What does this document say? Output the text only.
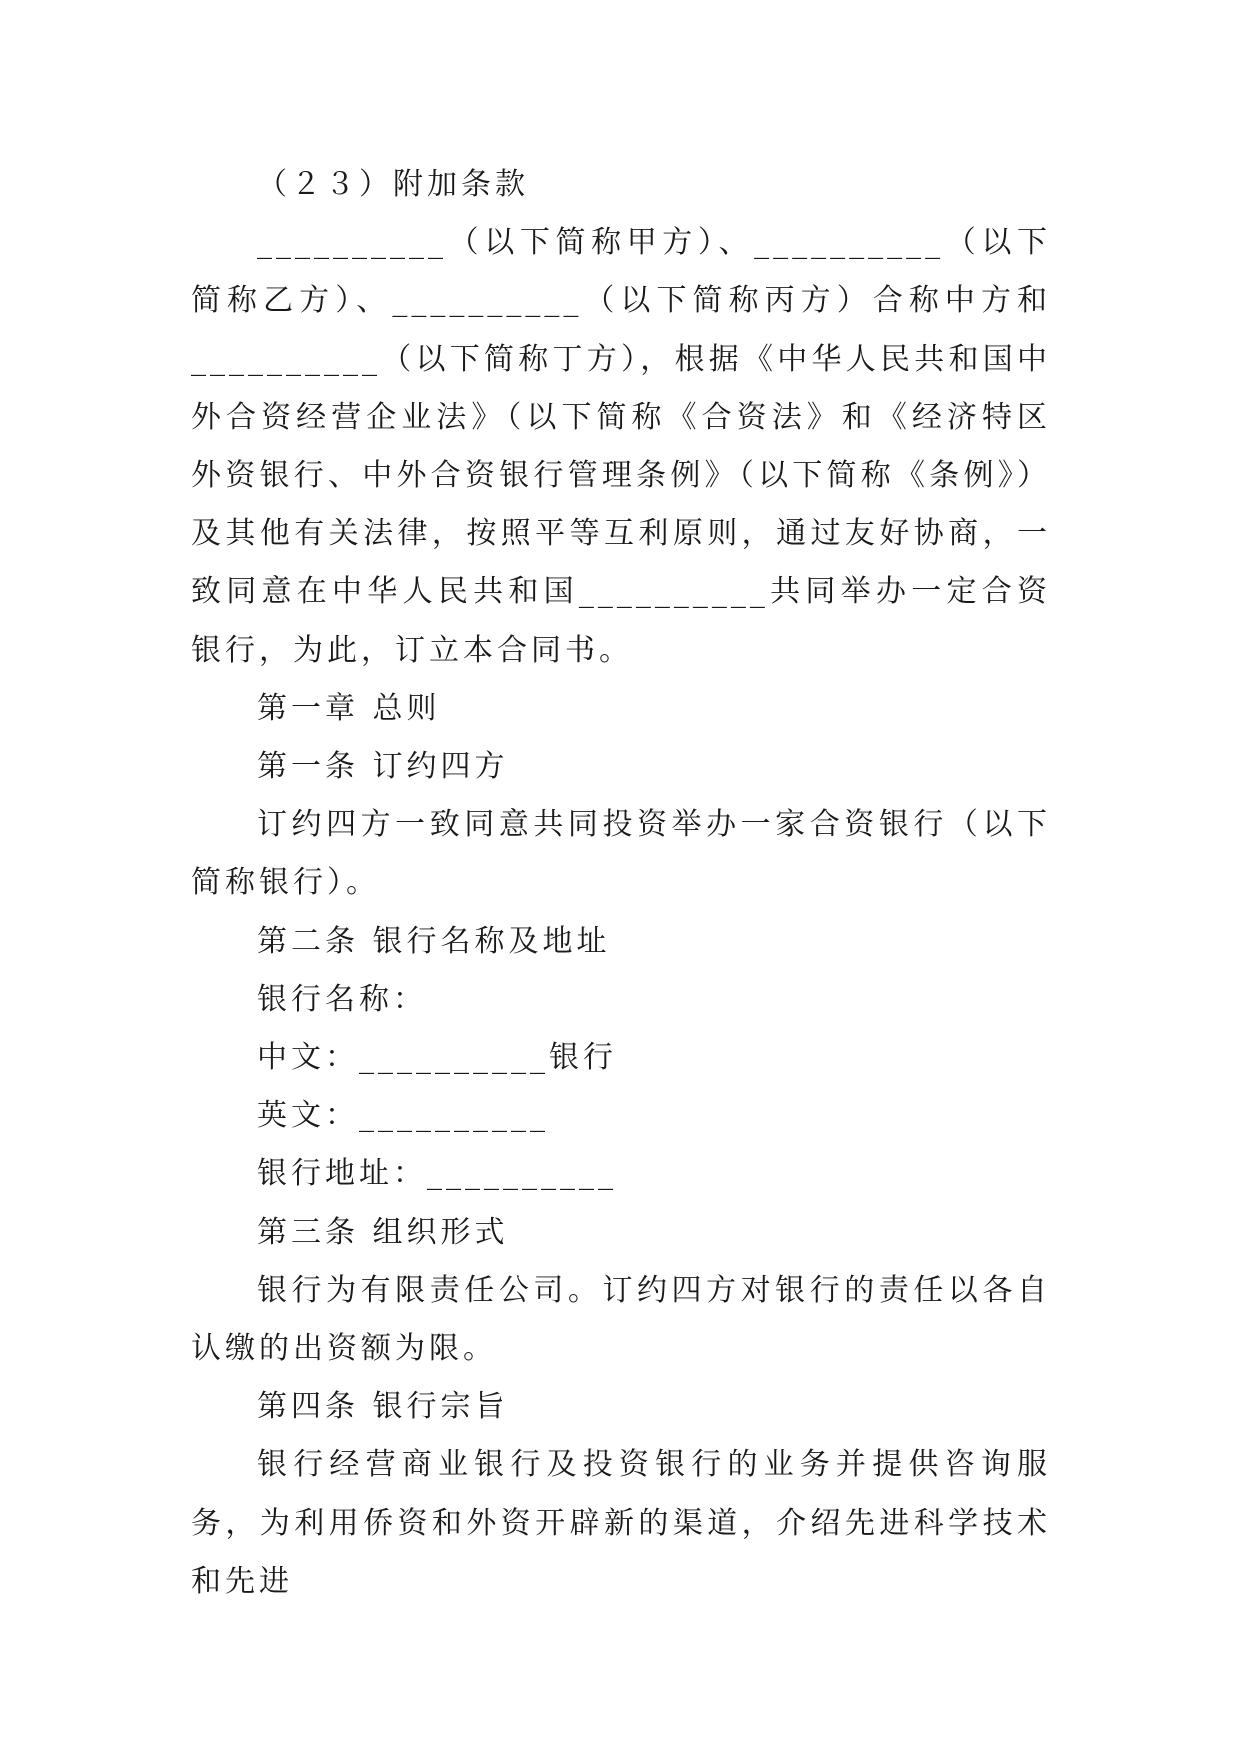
（２３）附加条款

__________（以下简称甲方）、__________（以下简称乙方）、__________（以下简称丙方）合称中方和__________（以下简称丁方），根据《中华人民共和国中外合资经营企业法》（以下简称《合资法》和《经济特区外资银行、中外合资银行管理条例》（以下简称《条例》）及其他有关法律，按照平等互利原则，通过友好协商，一致同意在中华人民共和国__________共同举办一定合资银行，为此，订立本合同书。

第一章 总则

第一条 订约四方

订约四方一致同意共同投资举办一家合资银行（以下简称银行）。

第二条 银行名称及地址

银行名称：

中文：__________银行

英文：__________

银行地址：__________

第三条 组织形式

银行为有限责任公司。订约四方对银行的责任以各自认缴的出资额为限。

第四条 银行宗旨

银行经营商业银行及投资银行的业务并提供咨询服务，为利用侨资和外资开辟新的渠道，介绍先进科学技术和先进
